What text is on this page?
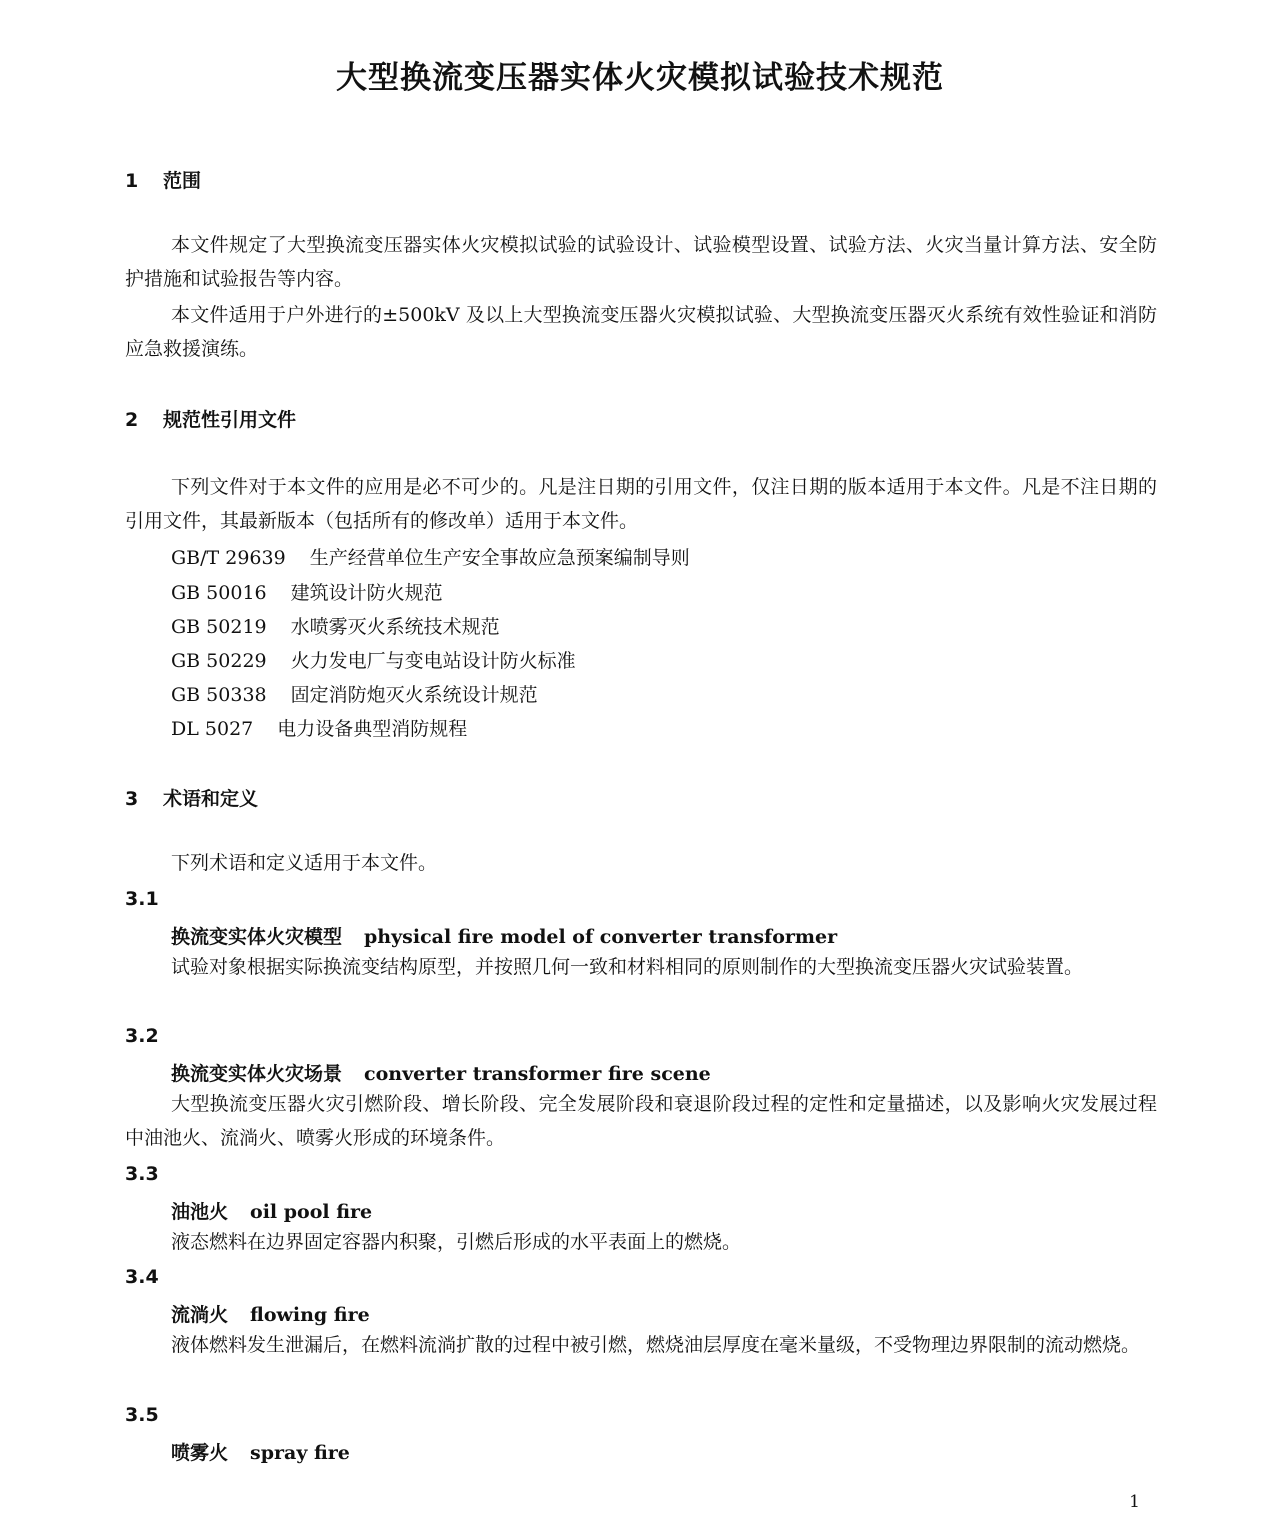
大型换流变压器实体火灾模拟试验技术规范
1 范围
本文件规定了大型换流变压器实体火灾模拟试验的试验设计、试验模型设置、试验方法、火灾当量计算方法、安全防护措施和试验报告等内容。
本文件适用于户外进行的±500kV 及以上大型换流变压器火灾模拟试验、大型换流变压器灭火系统有效性验证和消防应急救援演练。
2 规范性引用文件
下列文件对于本文件的应用是必不可少的。凡是注日期的引用文件，仅注日期的版本适用于本文件。凡是不注日期的引用文件，其最新版本（包括所有的修改单）适用于本文件。
GB/T 29639 生产经营单位生产安全事故应急预案编制导则
GB 50016 建筑设计防火规范
GB 50219 水喷雾灭火系统技术规范
GB 50229 火力发电厂与变电站设计防火标准
GB 50338 固定消防炮灭火系统设计规范
DL 5027 电力设备典型消防规程
3 术语和定义
下列术语和定义适用于本文件。
3.1
换流变实体火灾模型 physical fire model of converter transformer
试验对象根据实际换流变结构原型，并按照几何一致和材料相同的原则制作的大型换流变压器火灾试验装置。
3.2
换流变实体火灾场景 converter transformer fire scene
大型换流变压器火灾引燃阶段、增长阶段、完全发展阶段和衰退阶段过程的定性和定量描述，以及影响火灾发展过程中油池火、流淌火、喷雾火形成的环境条件。
3.3
油池火 oil pool fire
液态燃料在边界固定容器内积聚，引燃后形成的水平表面上的燃烧。
3.4
流淌火 flowing fire
液体燃料发生泄漏后，在燃料流淌扩散的过程中被引燃，燃烧油层厚度在毫米量级，不受物理边界限制的流动燃烧。
3.5
喷雾火 spray fire
1
